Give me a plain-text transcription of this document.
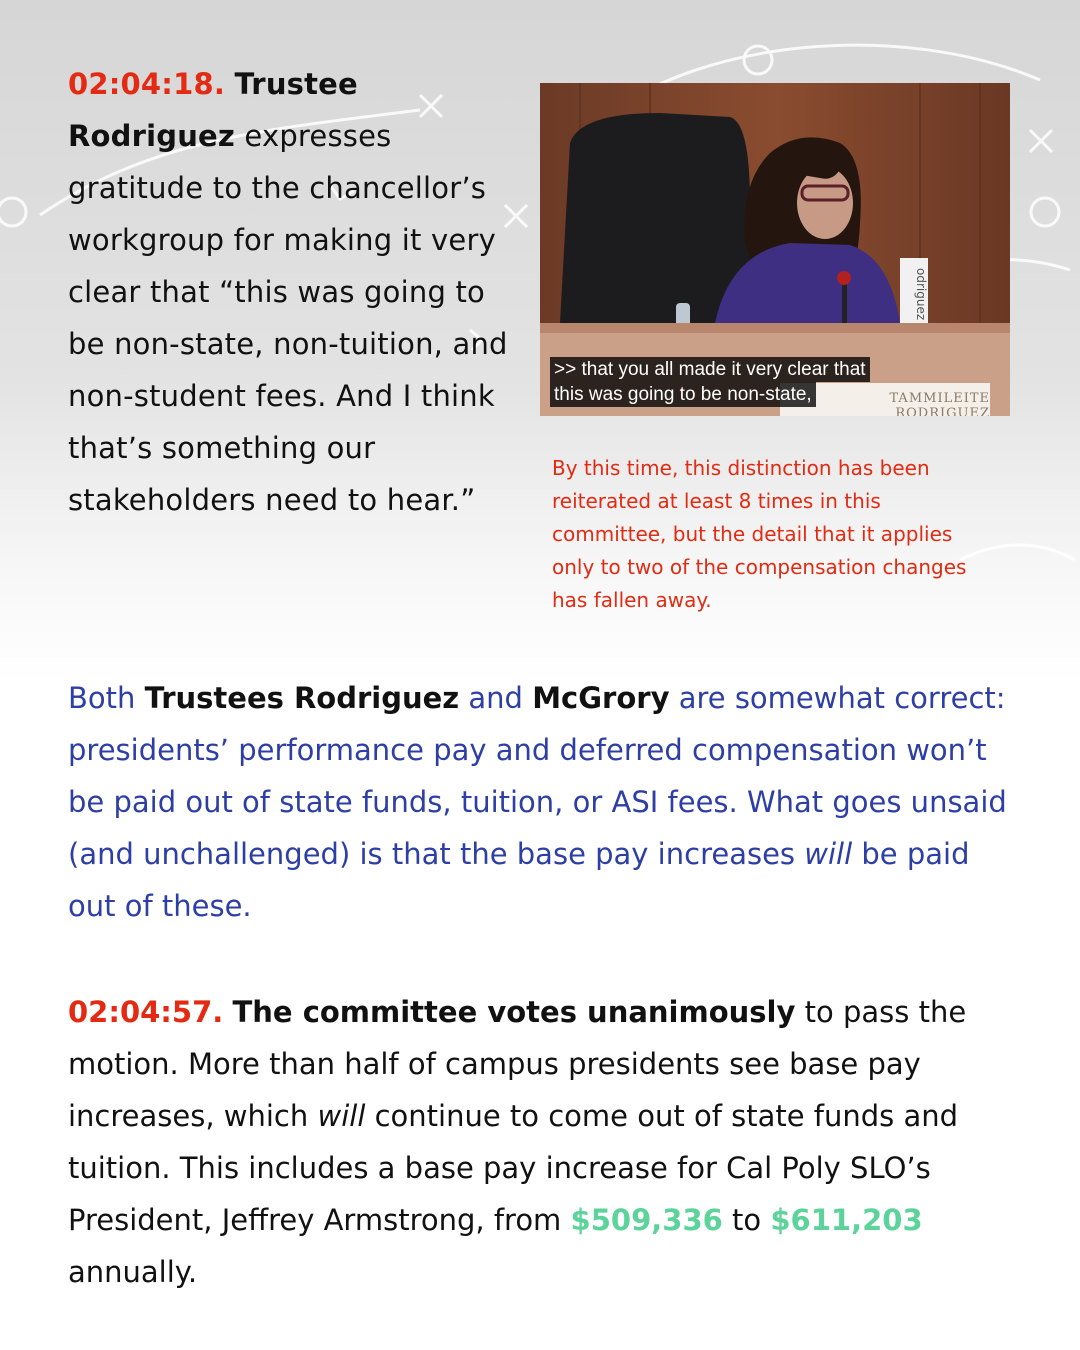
02:04:18. Trustee Rodriguez expresses gratitude to the chancellor’s workgroup for making it very clear that “this was going to be non-state, non-tuition, and non-student fees. And I think that’s something our stakeholders need to hear.”
odriguez
TAMMILEITE RODRIGUEZ
>> that you all made it very clear that
this was going to be non-state,
By this time, this distinction has been reiterated at least 8 times in this committee, but the detail that it applies only to two of the compensation changes has fallen away.
Both Trustees Rodriguez and McGrory are somewhat correct: presidents’ performance pay and deferred compensation won’t be paid out of state funds, tuition, or ASI fees. What goes unsaid (and unchallenged) is that the base pay increases will be paid out of these.
02:04:57. The committee votes unanimously to pass the motion. More than half of campus presidents see base pay increases, which will continue to come out of state funds and tuition. This includes a base pay increase for Cal Poly SLO’s President, Jeffrey Armstrong, from $509,336 to $611,203 annually.
